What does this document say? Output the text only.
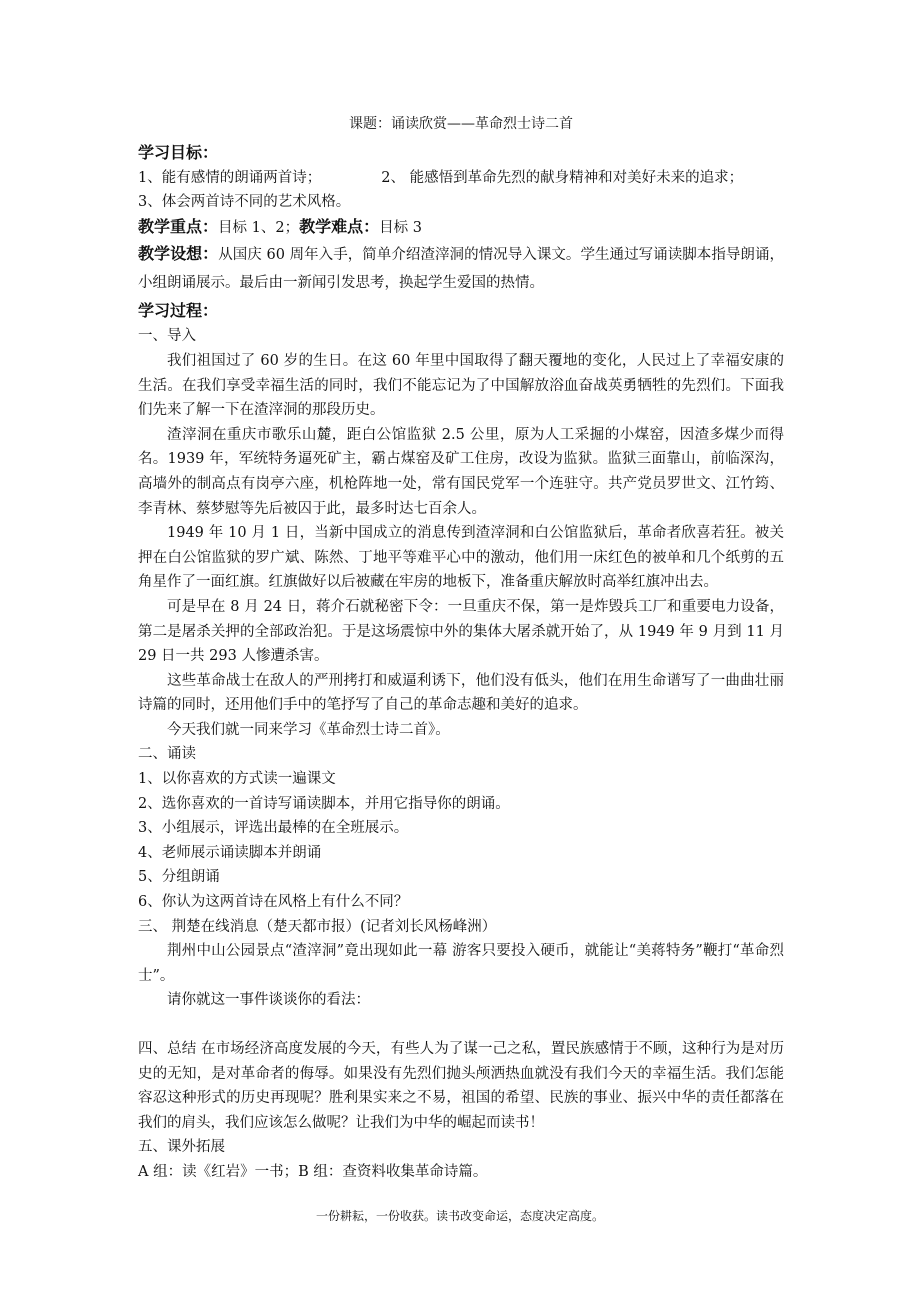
课题：诵读欣赏——革命烈士诗二首
学习目标：
1、能有感情的朗诵两首诗；	2、 能感悟到革命先烈的献身精神和对美好未来的追求；
3、体会两首诗不同的艺术风格。
教学重点：目标 1、2；教学难点：目标 3
教学设想：从国庆 60 周年入手，简单介绍渣滓洞的情况导入课文。学生通过写诵读脚本指导朗诵，小组朗诵展示。最后由一新闻引发思考，换起学生爱国的热情。
学习过程：
一、导入
我们祖国过了 60 岁的生日。在这 60 年里中国取得了翻天覆地的变化，人民过上了幸福安康的生活。在我们享受幸福生活的同时，我们不能忘记为了中国解放浴血奋战英勇牺牲的先烈们。下面我们先来了解一下在渣滓洞的那段历史。
渣滓洞在重庆市歌乐山麓，距白公馆监狱 2.5 公里，原为人工采掘的小煤窑，因渣多煤少而得名。1939 年，军统特务逼死矿主，霸占煤窑及矿工住房，改设为监狱。监狱三面靠山，前临深沟，高墙外的制高点有岗亭六座，机枪阵地一处，常有国民党军一个连驻守。共产党员罗世文、江竹筠、李青林、蔡梦慰等先后被囚于此，最多时达七百余人。
1949 年 10 月 1 日，当新中国成立的消息传到渣滓洞和白公馆监狱后，革命者欣喜若狂。被关押在白公馆监狱的罗广斌、陈然、丁地平等难平心中的激动，他们用一床红色的被单和几个纸剪的五角星作了一面红旗。红旗做好以后被藏在牢房的地板下，准备重庆解放时高举红旗冲出去。
可是早在 8 月 24 日，蒋介石就秘密下令：一旦重庆不保，第一是炸毁兵工厂和重要电力设备，第二是屠杀关押的全部政治犯。于是这场震惊中外的集体大屠杀就开始了，从 1949 年 9 月到 11 月 29 日一共 293 人惨遭杀害。
这些革命战士在敌人的严刑拷打和威逼利诱下，他们没有低头，他们在用生命谱写了一曲曲壮丽诗篇的同时，还用他们手中的笔抒写了自己的革命志趣和美好的追求。
今天我们就一同来学习《革命烈士诗二首》。
二、诵读
1、以你喜欢的方式读一遍课文
2、选你喜欢的一首诗写诵读脚本，并用它指导你的朗诵。
3、小组展示，评选出最棒的在全班展示。
4、老师展示诵读脚本并朗诵
5、分组朗诵
6、你认为这两首诗在风格上有什么不同？
三、 荆楚在线消息（楚天都市报）(记者刘长风杨峰洲）
荆州中山公园景点“渣滓洞”竟出现如此一幕 游客只要投入硬币，就能让“美蒋特务”鞭打“革命烈士”。
请你就这一事件谈谈你的看法：
四、总结 在市场经济高度发展的今天，有些人为了谋一己之私，置民族感情于不顾，这种行为是对历史的无知，是对革命者的侮辱。如果没有先烈们抛头颅洒热血就没有我们今天的幸福生活。我们怎能容忍这种形式的历史再现呢？胜利果实来之不易，祖国的希望、民族的事业、振兴中华的责任都落在我们的肩头，我们应该怎么做呢？让我们为中华的崛起而读书！
五、课外拓展
A 组：读《红岩》一书；B 组：查资料收集革命诗篇。
一份耕耘，一份收获。读书改变命运，态度决定高度。
